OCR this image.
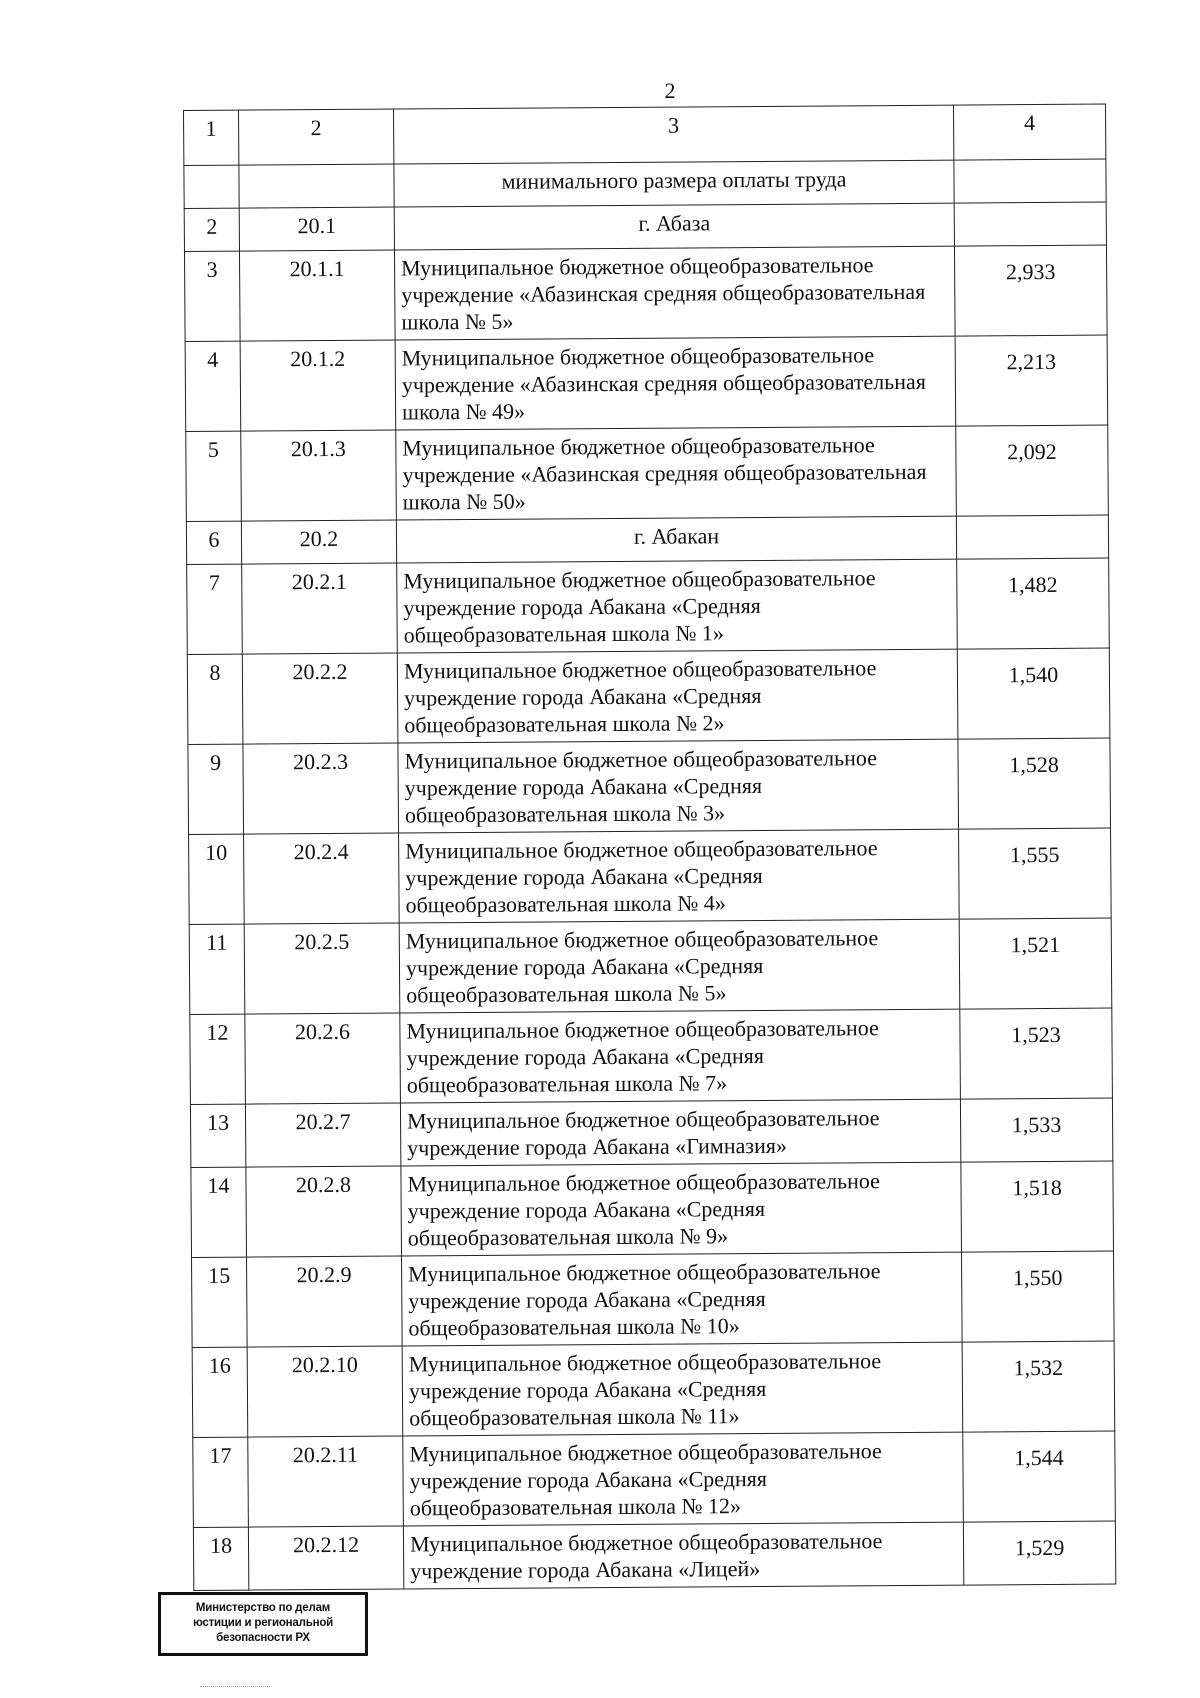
2
1	2	3	4
		минимального размера оплаты труда	
2	20.1	г. Абаза	
3	20.1.1	Муниципальное бюджетное общеобразовательное учреждение «Абазинская средняя общеобразовательная школа № 5»	2,933
4	20.1.2	Муниципальное бюджетное общеобразовательное учреждение «Абазинская средняя общеобразовательная школа № 49»	2,213
5	20.1.3	Муниципальное бюджетное общеобразовательное учреждение «Абазинская средняя общеобразовательная школа № 50»	2,092
6	20.2	г. Абакан	
7	20.2.1	Муниципальное бюджетное общеобразовательное учреждение города Абакана «Средняя общеобразовательная школа № 1»	1,482
8	20.2.2	Муниципальное бюджетное общеобразовательное учреждение города Абакана «Средняя общеобразовательная школа № 2»	1,540
9	20.2.3	Муниципальное бюджетное общеобразовательное учреждение города Абакана «Средняя общеобразовательная школа № 3»	1,528
10	20.2.4	Муниципальное бюджетное общеобразовательное учреждение города Абакана «Средняя общеобразовательная школа № 4»	1,555
11	20.2.5	Муниципальное бюджетное общеобразовательное учреждение города Абакана «Средняя общеобразовательная школа № 5»	1,521
12	20.2.6	Муниципальное бюджетное общеобразовательное учреждение города Абакана «Средняя общеобразовательная школа № 7»	1,523
13	20.2.7	Муниципальное бюджетное общеобразовательное учреждение города Абакана «Гимназия»	1,533
14	20.2.8	Муниципальное бюджетное общеобразовательное учреждение города Абакана «Средняя общеобразовательная школа № 9»	1,518
15	20.2.9	Муниципальное бюджетное общеобразовательное учреждение города Абакана «Средняя общеобразовательная школа № 10»	1,550
16	20.2.10	Муниципальное бюджетное общеобразовательное учреждение города Абакана «Средняя общеобразовательная школа № 11»	1,532
17	20.2.11	Муниципальное бюджетное общеобразовательное учреждение города Абакана «Средняя общеобразовательная школа № 12»	1,544
18	20.2.12	Муниципальное бюджетное общеобразовательное учреждение города Абакана «Лицей»	1,529
Министерство по делам
юстиции и региональной
безопасности РХ
